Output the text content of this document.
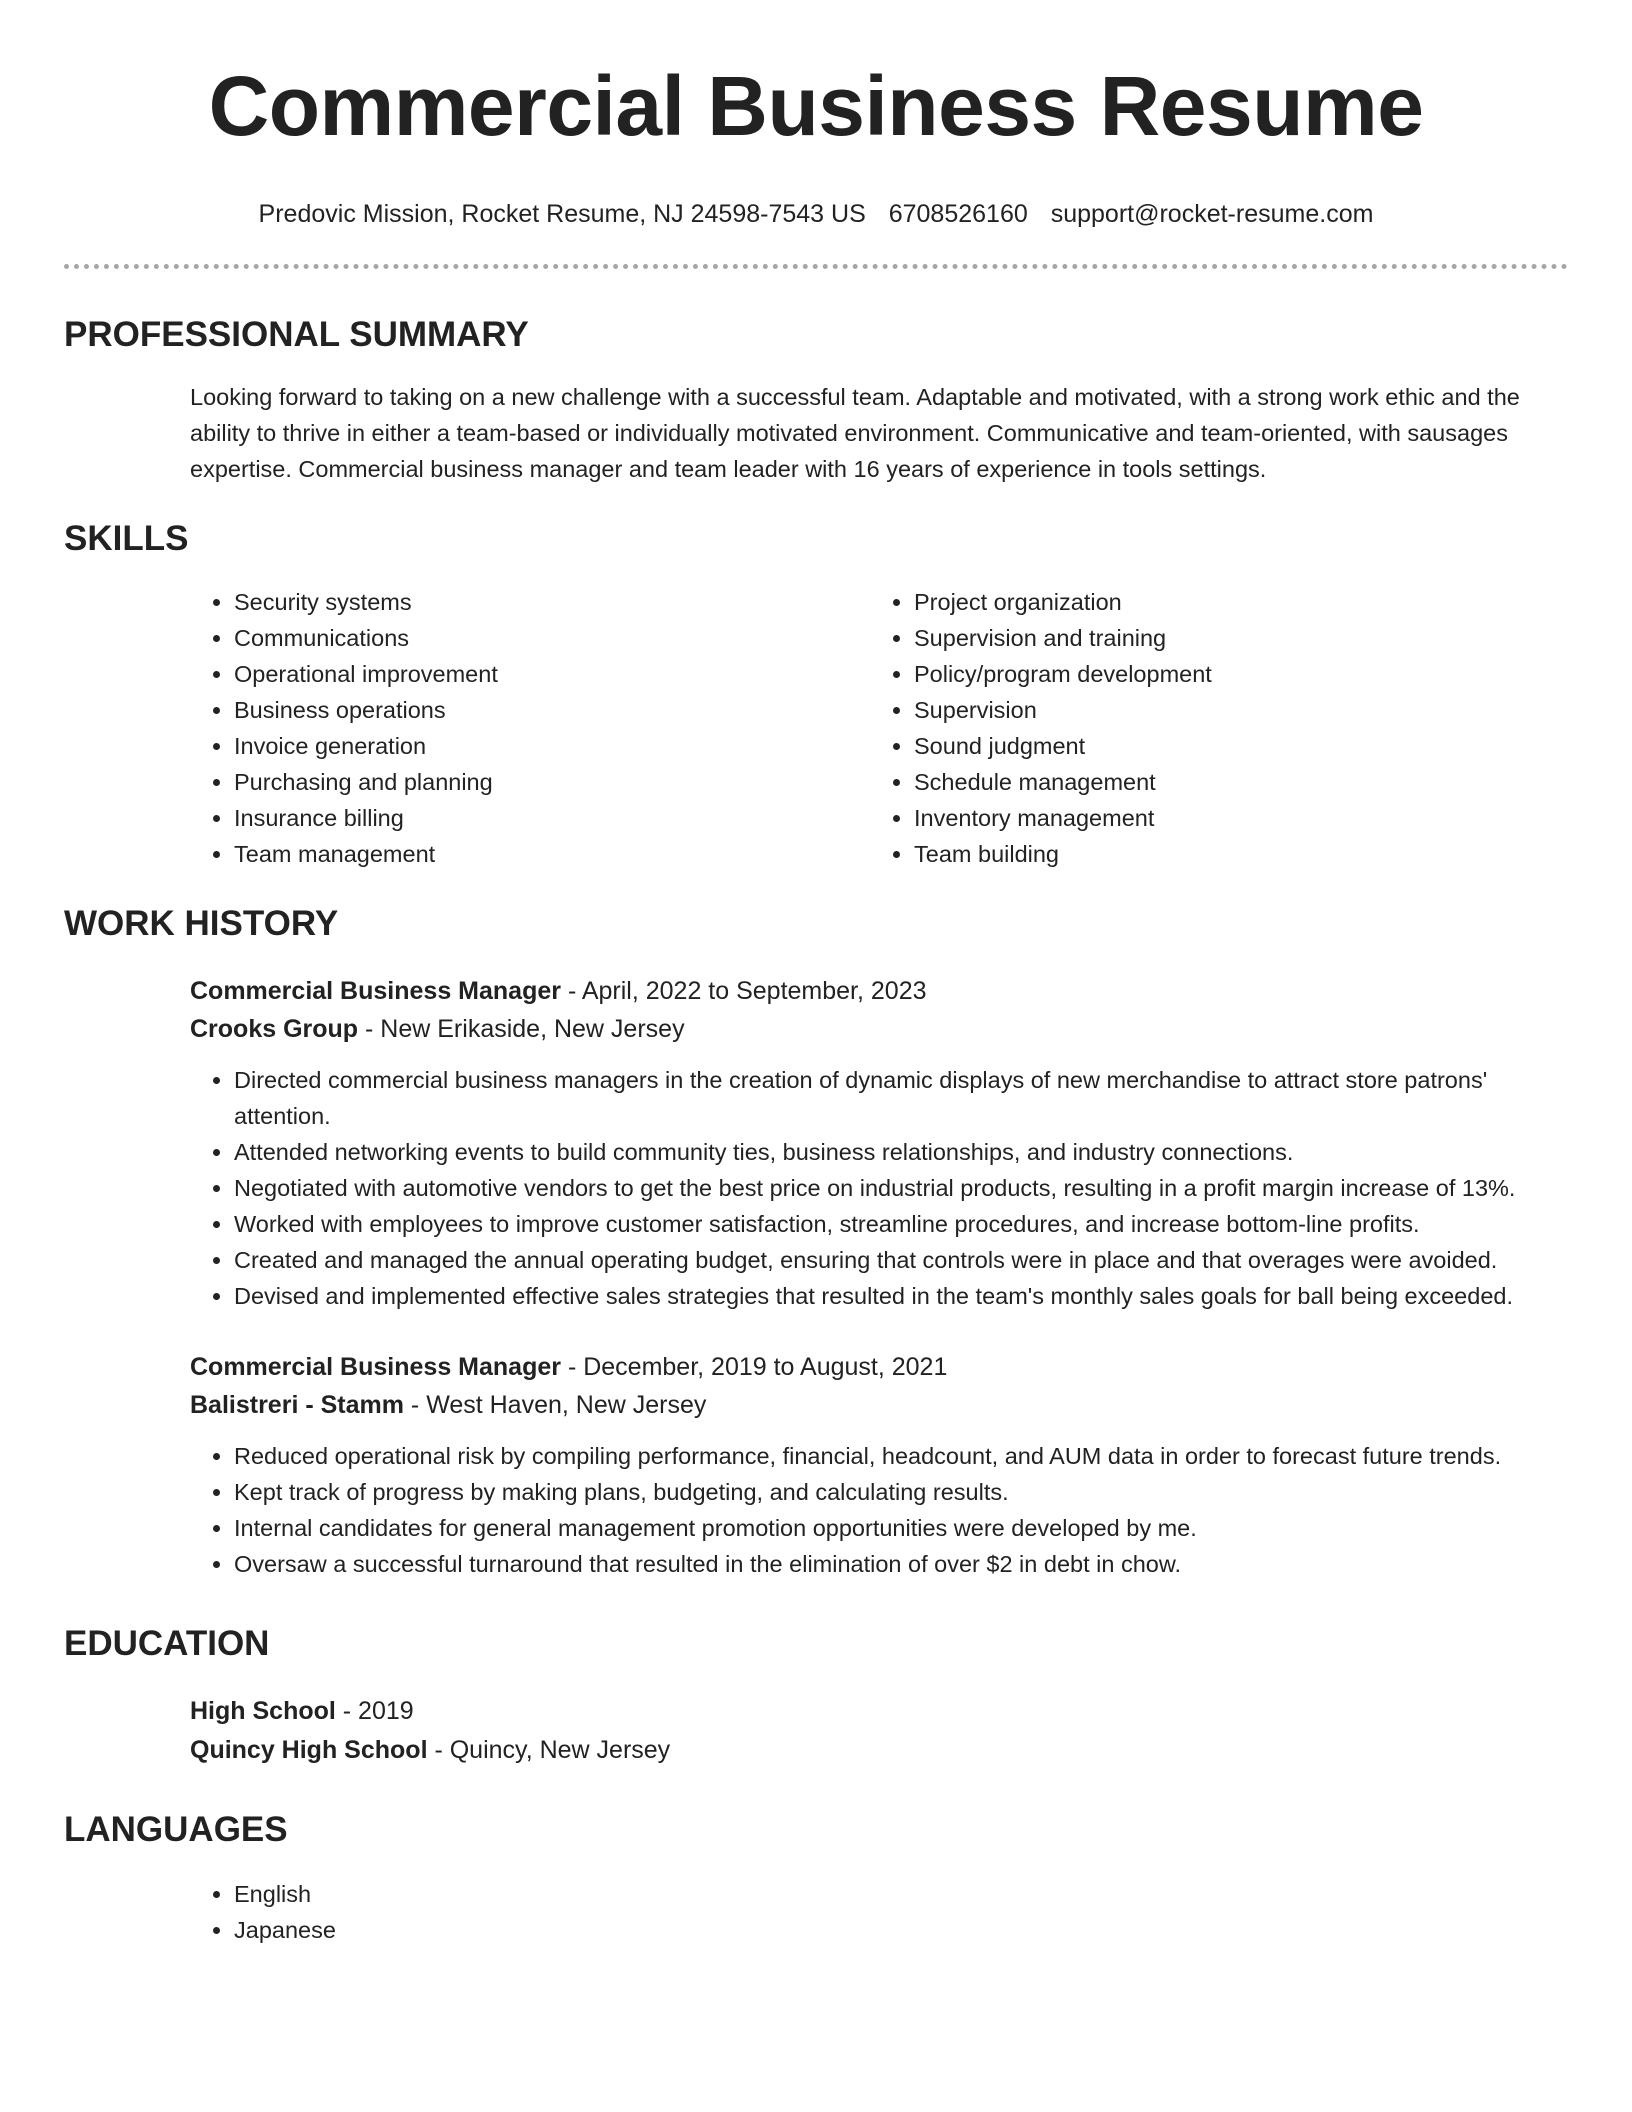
Commercial Business Resume
Predovic Mission, Rocket Resume, NJ 24598-7543 US 6708526160 support@rocket-resume.com
PROFESSIONAL SUMMARY

Looking forward to taking on a new challenge with a successful team. Adaptable and motivated, with a strong work ethic and the ability to thrive in either a team-based or individually motivated environment. Communicative and team-oriented, with sausages expertise. Commercial business manager and team leader with 16 years of experience in tools settings.

SKILLS
• Security systems
• Communications
• Operational improvement
• Business operations
• Invoice generation
• Purchasing and planning
• Insurance billing
• Team management
• Project organization
• Supervision and training
• Policy/program development
• Supervision
• Sound judgment
• Schedule management
• Inventory management
• Team building
WORK HISTORY
Commercial Business Manager - April, 2022 to September, 2023
Crooks Group - New Erikaside, New Jersey
• Directed commercial business managers in the creation of dynamic displays of new merchandise to attract store patrons' attention.
• Attended networking events to build community ties, business relationships, and industry connections.
• Negotiated with automotive vendors to get the best price on industrial products, resulting in a profit margin increase of 13%.
• Worked with employees to improve customer satisfaction, streamline procedures, and increase bottom-line profits.
• Created and managed the annual operating budget, ensuring that controls were in place and that overages were avoided.
• Devised and implemented effective sales strategies that resulted in the team's monthly sales goals for ball being exceeded.
Commercial Business Manager - December, 2019 to August, 2021
Balistreri - Stamm - West Haven, New Jersey
• Reduced operational risk by compiling performance, financial, headcount, and AUM data in order to forecast future trends.
• Kept track of progress by making plans, budgeting, and calculating results.
• Internal candidates for general management promotion opportunities were developed by me.
• Oversaw a successful turnaround that resulted in the elimination of over $2 in debt in chow.
EDUCATION
High School - 2019
Quincy High School - Quincy, New Jersey
LANGUAGES
• English
• Japanese
